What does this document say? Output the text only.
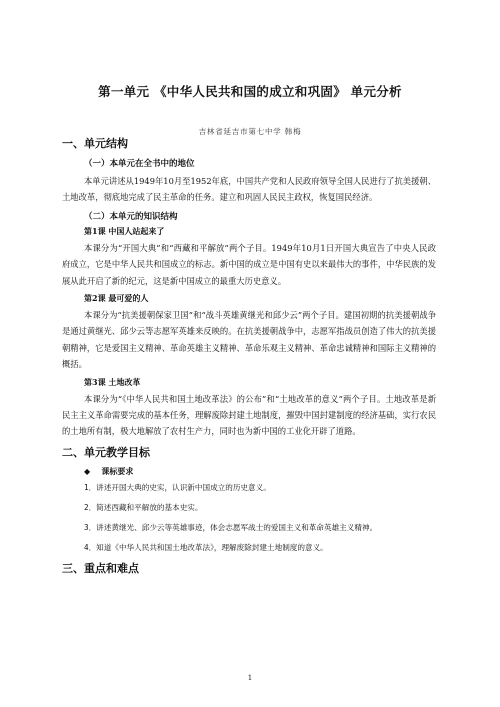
第一单元 《中华人民共和国的成立和巩固》 单元分析
吉林省延吉市第七中学 韩梅
一、单元结构
（一）本单元在全书中的地位

本单元讲述从1949年10月至1952年底，中国共产党和人民政府领导全国人民进行了抗美援朝、土地改革，彻底地完成了民主革命的任务。建立和巩固人民民主政权，恢复国民经济。

（二）本单元的知识结构
第1课 中国人站起来了

本课分为“开国大典”和“西藏和平解放”两个子目。1949年10月1日开国大典宣告了中央人民政府成立，它是中华人民共和国成立的标志。新中国的成立是中国有史以来最伟大的事件，中华民族的发展从此开启了新的纪元，这是新中国成立的最重大历史意义。

第2课 最可爱的人

本课分为“抗美援朝保家卫国”和“战斗英雄黄继光和邱少云”两个子目。建国初期的抗美援朝战争是通过黄继光、邱少云等志愿军英雄来反映的。在抗美援朝战争中，志愿军指战员创造了伟大的抗美援朝精神，它是爱国主义精神、革命英雄主义精神、革命乐观主义精神、革命忠诚精神和国际主义精神的概括。

第3课 土地改革

本课分为“《中华人民共和国土地改革法》的公布”和“土地改革的意义”两个子目。土地改革是新民主主义革命需要完成的基本任务，理解废除封建土地制度，摧毁中国封建制度的经济基础，实行农民的土地所有制，极大地解放了农村生产力，同时也为新中国的工业化开辟了道路。

二、单元教学目标
◆ 课标要求

1．讲述开国大典的史实，认识新中国成立的历史意义。

2．简述西藏和平解放的基本史实。

3．讲述黄继光、邱少云等英雄事迹，体会志愿军战士的爱国主义和革命英雄主义精神。

4．知道《中华人民共和国土地改革法》，理解废除封建土地制度的意义。

三、重点和难点
1
